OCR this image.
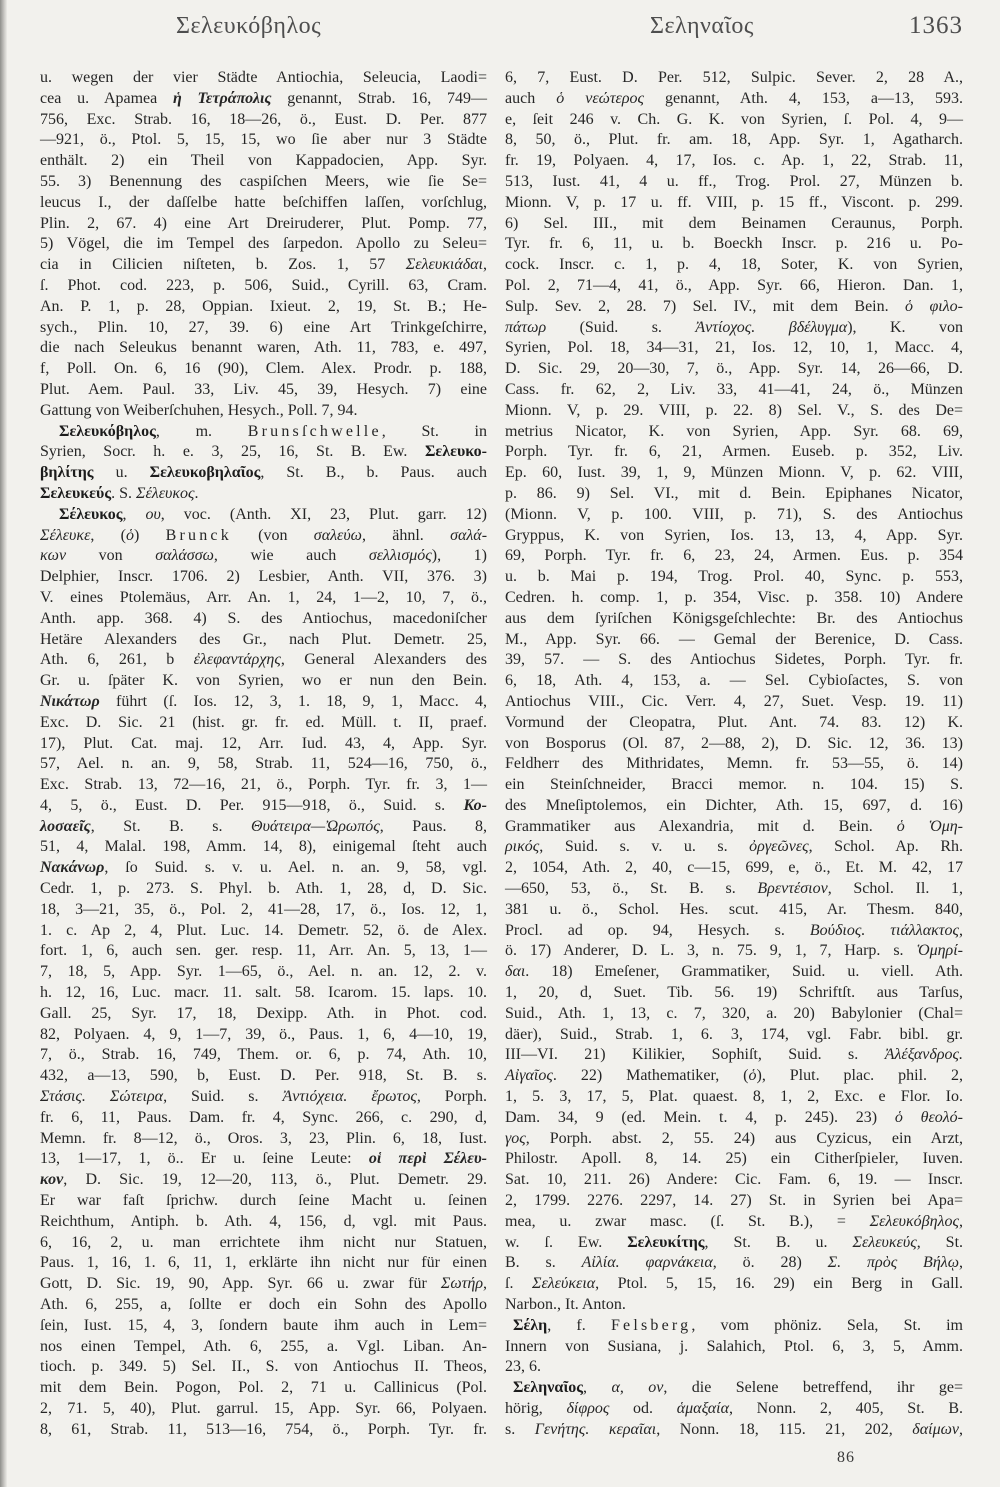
Σελευκόβηλος	Σεληναῖος	1363
u. wegen der vier Städte Antiochia, Seleucia, Laodi=
cea u. Apamea ἡ Τετράπολις genannt, Strab. 16, 749—
756, Exc. Strab. 16, 18—26, ö., Eust. D. Per. 877
—921, ö., Ptol. 5, 15, 15, wo ſie aber nur 3 Städte
enthält. 2) ein Theil von Kappadocien, App. Syr.
55. 3) Benennung des caspiſchen Meers, wie ſie Se=
leucus I., der daſſelbe hatte beſchiffen laſſen, vorſchlug,
Plin. 2, 67. 4) eine Art Dreiruderer, Plut. Pomp. 77,
5) Vögel, die im Tempel des ſarpedon. Apollo zu Seleu=
cia in Cilicien niſteten, b. Zos. 1, 57 Σελευκιάδαι,
ſ. Phot. cod. 223, p. 506, Suid., Cyrill. 63, Cram.
An. P. 1, p. 28, Oppian. Ixieut. 2, 19, St. B.; He-
sych., Plin. 10, 27, 39. 6) eine Art Trinkgeſchirre,
die nach Seleukus benannt waren, Ath. 11, 783, e. 497,
f, Poll. On. 6, 16 (90), Clem. Alex. Prodr. p. 188,
Plut. Aem. Paul. 33, Liv. 45, 39, Hesych. 7) eine
Gattung von Weiberſchuhen, Hesych., Poll. 7, 94.
Σελευκόβηλος, m. Brunsſchwelle, St. in
Syrien, Socr. h. e. 3, 25, 16, St. B. Ew. Σελευκο-
βηλίτης u. Σελευκοβηλαῖος, St. B., b. Paus. auch
Σελευκεύς. S. Σέλευκος.
Σέλευκος, ου, voc. (Anth. XI, 23, Plut. garr. 12)
Σέλευκε, (ὁ) Brunck (von σαλεύω, ähnl. σαλά-
κων von σαλάσσω, wie auch σελλισμός), 1)
Delphier, Inscr. 1706. 2) Lesbier, Anth. VII, 376. 3)
V. eines Ptolemäus, Arr. An. 1, 24, 1—2, 10, 7, ö.,
Anth. app. 368. 4) S. des Antiochus, macedoniſcher
Hetäre Alexanders des Gr., nach Plut. Demetr. 25,
Ath. 6, 261, b ἐλεφαντάρχης, General Alexanders des
Gr. u. ſpäter K. von Syrien, wo er nun den Bein.
Νικάτωρ führt (ſ. Ios. 12, 3, 1. 18, 9, 1, Macc. 4,
Exc. D. Sic. 21 (hist. gr. fr. ed. Müll. t. II, praef.
17), Plut. Cat. maj. 12, Arr. Iud. 43, 4, App. Syr.
57, Ael. n. an. 9, 58, Strab. 11, 524—16, 750, ö.,
Exc. Strab. 13, 72—16, 21, ö., Porph. Tyr. fr. 3, 1—
4, 5, ö., Eust. D. Per. 915—918, ö., Suid. s. Κο-
λοσαεῖς, St. B. s. Θυάτειρα—Ὠρωπός, Paus. 8,
51, 4, Malal. 198, Amm. 14, 8), einigemal ſteht auch
Νακάνωρ, ſo Suid. s. v. u. Ael. n. an. 9, 58, vgl.
Cedr. 1, p. 273. S. Phyl. b. Ath. 1, 28, d, D. Sic.
18, 3—21, 35, ö., Pol. 2, 41—28, 17, ö., Ios. 12, 1,
1. c. Ap 2, 4, Plut. Luc. 14. Demetr. 52, ö. de Alex.
fort. 1, 6, auch sen. ger. resp. 11, Arr. An. 5, 13, 1—
7, 18, 5, App. Syr. 1—65, ö., Ael. n. an. 12, 2. v.
h. 12, 16, Luc. macr. 11. salt. 58. Icarom. 15. laps. 10.
Gall. 25, Syr. 17, 18, Dexipp. Ath. in Phot. cod.
82, Polyaen. 4, 9, 1—7, 39, ö., Paus. 1, 6, 4—10, 19,
7, ö., Strab. 16, 749, Them. or. 6, p. 74, Ath. 10,
432, a—13, 590, b, Eust. D. Per. 918, St. B. s.
Στάσις. Σώτειρα, Suid. s. Ἀντιόχεια. ἔρωτος, Porph.
fr. 6, 11, Paus. Dam. fr. 4, Sync. 266, c. 290, d,
Memn. fr. 8—12, ö., Oros. 3, 23, Plin. 6, 18, Iust.
13, 1—17, 1, ö.. Er u. ſeine Leute: οἱ περὶ Σέλευ-
κον, D. Sic. 19, 12—20, 113, ö., Plut. Demetr. 29.
Er war faſt ſprichw. durch ſeine Macht u. ſeinen
Reichthum, Antiph. b. Ath. 4, 156, d, vgl. mit Paus.
6, 16, 2, u. man errichtete ihm nicht nur Statuen,
Paus. 1, 16, 1. 6, 11, 1, erklärte ihn nicht nur für einen
Gott, D. Sic. 19, 90, App. Syr. 66 u. zwar für Σωτήρ,
Ath. 6, 255, a, ſollte er doch ein Sohn des Apollo
ſein, Iust. 15, 4, 3, ſondern baute ihm auch in Lem=
nos einen Tempel, Ath. 6, 255, a. Vgl. Liban. An-
tioch. p. 349. 5) Sel. II., S. von Antiochus II. Theos,
mit dem Bein. Pogon, Pol. 2, 71 u. Callinicus (Pol.
2, 71. 5, 40), Plut. garrul. 15, App. Syr. 66, Polyaen.
8, 61, Strab. 11, 513—16, 754, ö., Porph. Tyr. fr.
6, 7, Eust. D. Per. 512, Sulpic. Sever. 2, 28 A.,
auch ὁ νεώτερος genannt, Ath. 4, 153, a—13, 593.
e, ſeit 246 v. Ch. G. K. von Syrien, ſ. Pol. 4, 9—
8, 50, ö., Plut. fr. am. 18, App. Syr. 1, Agatharch.
fr. 19, Polyaen. 4, 17, Ios. c. Ap. 1, 22, Strab. 11,
513, Iust. 41, 4 u. ff., Trog. Prol. 27, Münzen b.
Mionn. V, p. 17 u. ff. VIII, p. 15 ff., Viscont. p. 299.
6) Sel. III., mit dem Beinamen Ceraunus, Porph.
Tyr. fr. 6, 11, u. b. Boeckh Inscr. p. 216 u. Po-
cock. Inscr. c. 1, p. 4, 18, Soter, K. von Syrien,
Pol. 2, 71—4, 41, ö., App. Syr. 66, Hieron. Dan. 1,
Sulp. Sev. 2, 28. 7) Sel. IV., mit dem Bein. ὁ φιλο-
πάτωρ (Suid. s. Ἀντίοχος. βδέλυγμα), K. von
Syrien, Pol. 18, 34—31, 21, Ios. 12, 10, 1, Macc. 4,
D. Sic. 29, 20—30, 7, ö., App. Syr. 14, 26—66, D.
Cass. fr. 62, 2, Liv. 33, 41—41, 24, ö., Münzen
Mionn. V, p. 29. VIII, p. 22. 8) Sel. V., S. des De=
metrius Nicator, K. von Syrien, App. Syr. 68. 69,
Porph. Tyr. fr. 6, 21, Armen. Euseb. p. 352, Liv.
Ep. 60, Iust. 39, 1, 9, Münzen Mionn. V, p. 62. VIII,
p. 86. 9) Sel. VI., mit d. Bein. Epiphanes Nicator,
(Mionn. V, p. 100. VIII, p. 71), S. des Antiochus
Gryppus, K. von Syrien, Ios. 13, 13, 4, App. Syr.
69, Porph. Tyr. fr. 6, 23, 24, Armen. Eus. p. 354
u. b. Mai p. 194, Trog. Prol. 40, Sync. p. 553,
Cedren. h. comp. 1, p. 354, Visc. p. 358. 10) Andere
aus dem ſyriſchen Königsgeſchlechte: Br. des Antiochus
M., App. Syr. 66. — Gemal der Berenice, D. Cass.
39, 57. — S. des Antiochus Sidetes, Porph. Tyr. fr.
6, 18, Ath. 4, 153, a. — Sel. Cybioſactes, S. von
Antiochus VIII., Cic. Verr. 4, 27, Suet. Vesp. 19. 11)
Vormund der Cleopatra, Plut. Ant. 74. 83. 12) K.
von Bosporus (Ol. 87, 2—88, 2), D. Sic. 12, 36. 13)
Feldherr des Mithridates, Memn. fr. 53—55, ö. 14)
ein Steinſchneider, Bracci memor. n. 104. 15) S.
des Mneſiptolemos, ein Dichter, Ath. 15, 697, d. 16)
Grammatiker aus Alexandria, mit d. Bein. ὁ Ὁμη-
ρικός, Suid. s. v. u. s. ὀργεῶνες, Schol. Ap. Rh.
2, 1054, Ath. 2, 40, c—15, 699, e, ö., Et. M. 42, 17
—650, 53, ö., St. B. s. Βρεντέσιον, Schol. Il. 1,
381 u. ö., Schol. Hes. scut. 415, Ar. Thesm. 840,
Procl. ad op. 94, Hesych. s. Βούδιος. τιάλλακτος,
ö. 17) Anderer, D. L. 3, n. 75. 9, 1, 7, Harp. s. Ὁμηρί-
δαι. 18) Emeſener, Grammatiker, Suid. u. viell. Ath.
1, 20, d, Suet. Tib. 56. 19) Schriftſt. aus Tarſus,
Suid., Ath. 1, 13, c. 7, 320, a. 20) Babylonier (Chal=
däer), Suid., Strab. 1, 6. 3, 174, vgl. Fabr. bibl. gr.
III—VI. 21) Kilikier, Sophiſt, Suid. s. Ἀλέξανδρος.
Αἰγαῖος. 22) Mathematiker, (ὁ), Plut. plac. phil. 2,
1, 5. 3, 17, 5, Plat. quaest. 8, 1, 2, Exc. e Flor. Io.
Dam. 34, 9 (ed. Mein. t. 4, p. 245). 23) ὁ θεολό-
γος, Porph. abst. 2, 55. 24) aus Cyzicus, ein Arzt,
Philostr. Apoll. 8, 14. 25) ein Citherſpieler, Iuven.
Sat. 10, 211. 26) Andere: Cic. Fam. 6, 19. — Inscr.
2, 1799. 2276. 2297, 14. 27) St. in Syrien bei Apa=
mea, u. zwar masc. (ſ. St. B.), = Σελευκόβηλος,
w. ſ. Ew. Σελευκίτης, St. B. u. Σελευκεύς, St.
B. s. Αἰλία. φαρνάκεια, ö. 28) Σ. πρὸς Βήλῳ,
ſ. Σελεύκεια, Ptol. 5, 15, 16. 29) ein Berg in Gall.
Narbon., It. Anton.
Σέλη, f. Felsberg, vom phöniz. Sela, St. im
Innern von Susiana, j. Salahich, Ptol. 6, 3, 5, Amm.
23, 6.
Σεληναῖος, α, ον, die Selene betreffend, ihr ge=
hörig, δίφρος od. ἁμαξαία, Nonn. 2, 405, St. B.
s. Γενήτης. κεραῖαι, Nonn. 18, 115. 21, 202, δαίμων,
86
